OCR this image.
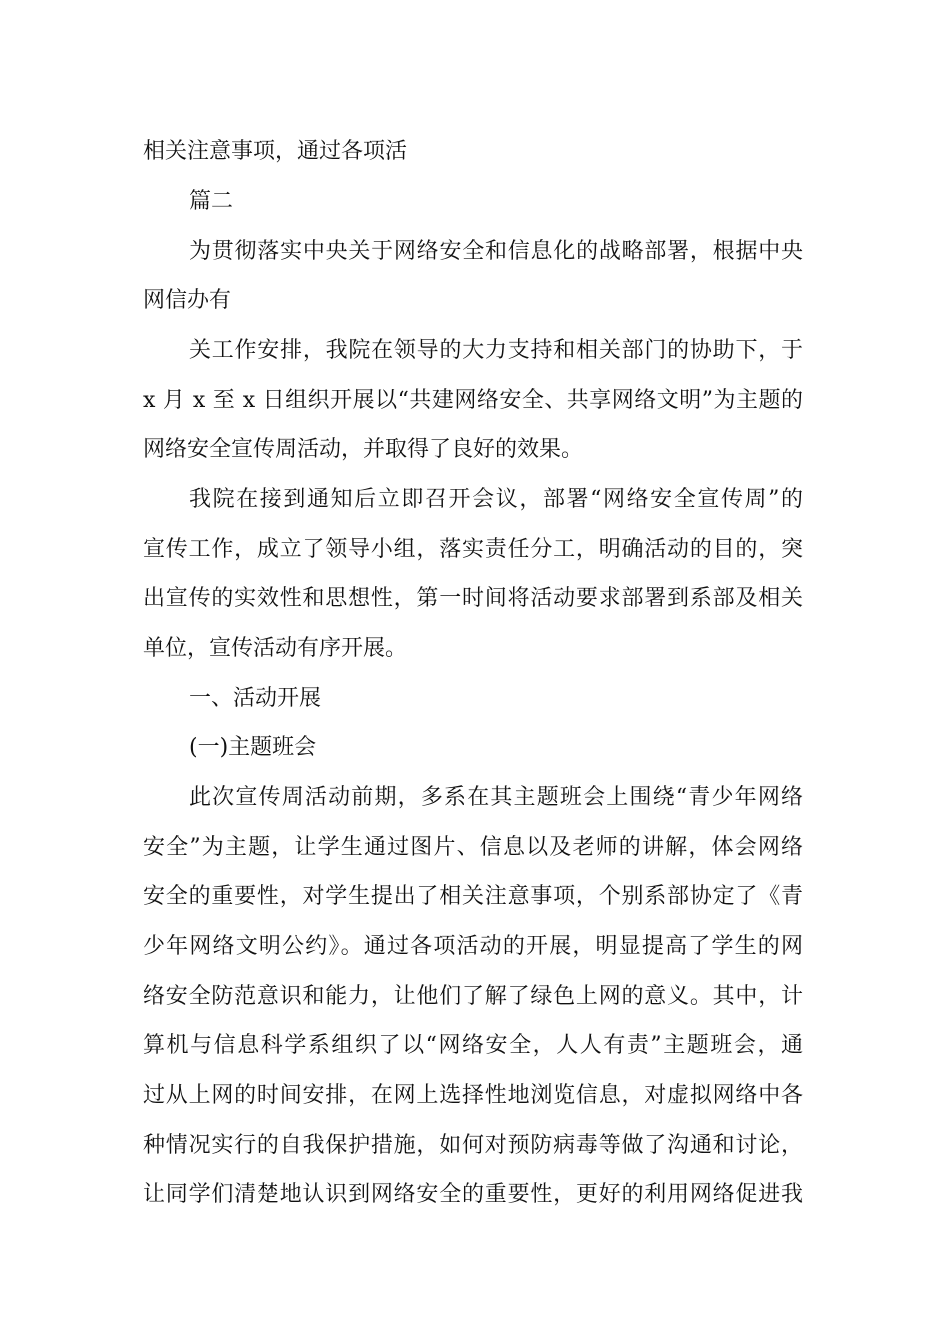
相关注意事项，通过各项活

篇二

为贯彻落实中央关于网络安全和信息化的战略部署，根据中央

网信办有

关工作安排，我院在领导的大力支持和相关部门的协助下，于

x 月 x 至 x 日组织开展以“共建网络安全、共享网络文明”为主题的

网络安全宣传周活动，并取得了良好的效果。

我院在接到通知后立即召开会议，部署“网络安全宣传周”的

宣传工作，成立了领导小组，落实责任分工，明确活动的目的，突

出宣传的实效性和思想性，第一时间将活动要求部署到系部及相关

单位，宣传活动有序开展。

一、活动开展

(一)主题班会

此次宣传周活动前期，多系在其主题班会上围绕“青少年网络

安全”为主题，让学生通过图片、信息以及老师的讲解，体会网络

安全的重要性，对学生提出了相关注意事项，个别系部协定了《青

少年网络文明公约》。通过各项活动的开展，明显提高了学生的网

络安全防范意识和能力，让他们了解了绿色上网的意义。其中，计

算机与信息科学系组织了以“网络安全，人人有责”主题班会，通

过从上网的时间安排，在网上选择性地浏览信息，对虚拟网络中各

种情况实行的自我保护措施，如何对预防病毒等做了沟通和讨论，

让同学们清楚地认识到网络安全的重要性，更好的利用网络促进我
